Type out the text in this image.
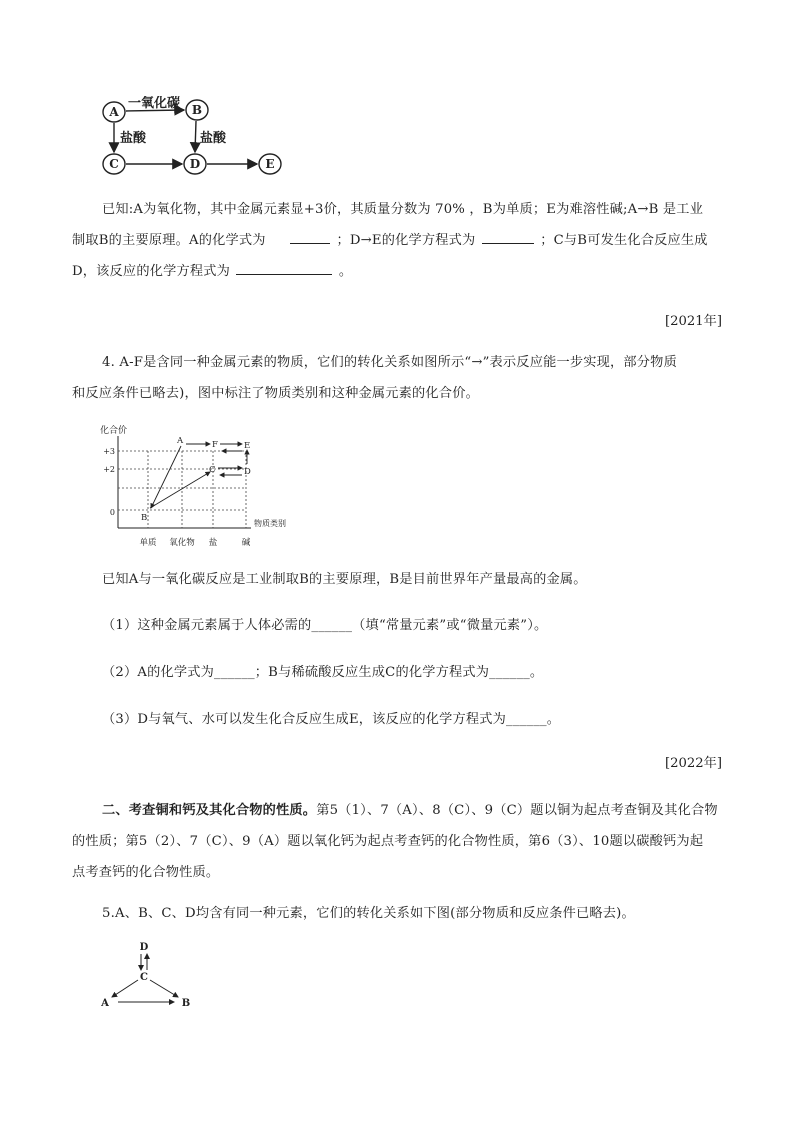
A	B
C	D	E
一氧化碳
盐酸	盐酸
已知:A为氧化物，其中金属元素显+3价，其质量分数为 70% ，B为单质；E为难溶性碱;A→B 是工业
制取B的主要原理。A的化学式为	；D→E的化学方程式为	；C与B可发生化合反应生成
D，该反应的化学方程式为	。
[2021年]
4. A-F是含同一种金属元素的物质，它们的转化关系如图所示“→”表示反应能一步实现，部分物质
和反应条件已略去)，图中标注了物质类别和这种金属元素的化合价。
化合价
+3
+2
0
物质类别
单质 氧化物 盐	碱
A
B
C	D
E
F
已知A与一氧化碳反应是工业制取B的主要原理，B是目前世界年产量最高的金属。
（1）这种金属元素属于人体必需的______（填“常量元素”或“微量元素”）。
（2）A的化学式为______；B与稀硫酸反应生成C的化学方程式为______。
（3）D与氧气、水可以发生化合反应生成E，该反应的化学方程式为______。
[2022年]
二、考查铜和钙及其化合物的性质。第5（1）、7（A）、8（C）、9（C）题以铜为起点考查铜及其化合物
的性质；第5（2）、7（C）、9（A）题以氧化钙为起点考查钙的化合物性质，第6（3）、10题以碳酸钙为起
点考查钙的化合物性质。
5.A、B、C、D均含有同一种元素，它们的转化关系如下图(部分物质和反应条件已略去)。
D
C
A	B
